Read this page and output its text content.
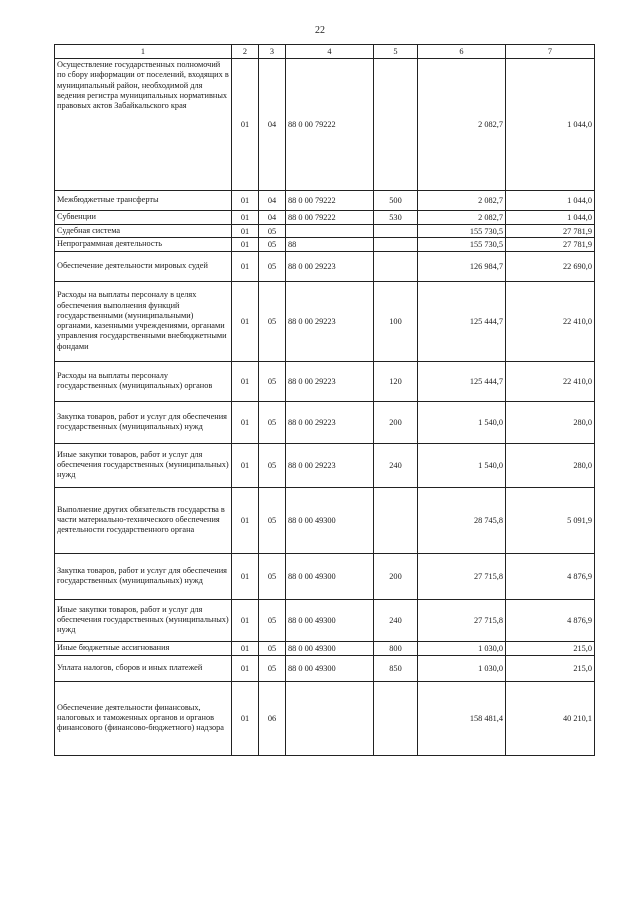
22
1	2	3	4	5	6	7
Осуществление государственных полномочий по сбору информации от поселений, входящих в муниципальный район, необходимой для ведения регистра муниципальных нормативных правовых актов Забайкальского края	01	04	88 0 00 79222		2 082,7	1 044,0
Межбюджетные трансферты	01	04	88 0 00 79222	500	2 082,7	1 044,0
Субвенции	01	04	88 0 00 79222	530	2 082,7	1 044,0
Судебная система	01	05			155 730,5	27 781,9
Непрограммная деятельность	01	05	88		155 730,5	27 781,9
Обеспечение деятельности мировых судей	01	05	88 0 00 29223		126 984,7	22 690,0
Расходы на выплаты персоналу в целях обеспечения выполнения функций государственными (муниципальными) органами, казенными учреждениями, органами управления государственными внебюджетными фондами	01	05	88 0 00 29223	100	125 444,7	22 410,0
Расходы на выплаты персоналу государственных (муниципальных) органов	01	05	88 0 00 29223	120	125 444,7	22 410,0
Закупка товаров, работ и услуг для обеспечения государственных (муниципальных) нужд	01	05	88 0 00 29223	200	1 540,0	280,0
Иные закупки товаров, работ и услуг для обеспечения государственных (муниципальных) нужд	01	05	88 0 00 29223	240	1 540,0	280,0
Выполнение других обязательств государства в части материально-технического обеспечения деятельности государственного органа	01	05	88 0 00 49300		28 745,8	5 091,9
Закупка товаров, работ и услуг для обеспечения государственных (муниципальных) нужд	01	05	88 0 00 49300	200	27 715,8	4 876,9
Иные закупки товаров, работ и услуг для обеспечения государственных (муниципальных) нужд	01	05	88 0 00 49300	240	27 715,8	4 876,9
Иные бюджетные ассигнования	01	05	88 0 00 49300	800	1 030,0	215,0
Уплата налогов, сборов и иных платежей	01	05	88 0 00 49300	850	1 030,0	215,0
Обеспечение деятельности финансовых, налоговых и таможенных органов и органов финансового (финансово-бюджетного) надзора	01	06			158 481,4	40 210,1
